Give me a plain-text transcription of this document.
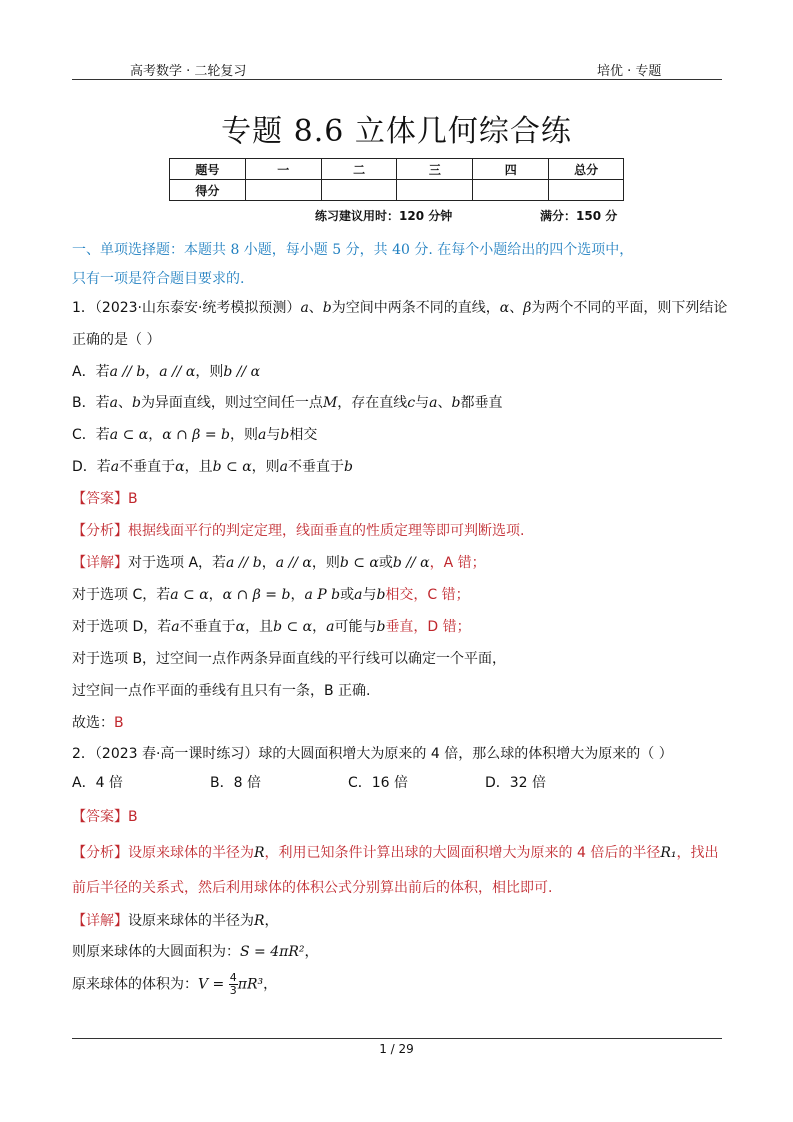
高考数学 · 二轮复习	培优 · 专题
专题 8.6 立体几何综合练
题号	一	二	三	四	总分
得分					
练习建议用时：120 分钟	满分：150 分
一、单项选择题：本题共 8 小题，每小题 5 分，共 40 分. 在每个小题给出的四个选项中，
只有一项是符合题目要求的.
1．（2023·山东泰安·统考模拟预测）a、b为空间中两条不同的直线，α、β为两个不同的平面，则下列结论
正确的是（ ）
A．若a // b，a // α，则b // α
B．若a、b为异面直线，则过空间任一点M，存在直线c与a、b都垂直
C．若a ⊂ α，α ∩ β = b，则a与b相交
D．若a不垂直于α，且b ⊂ α，则a不垂直于b
【答案】B
【分析】根据线面平行的判定定理，线面垂直的性质定理等即可判断选项.
【详解】对于选项 A，若a // b，a // α，则b ⊂ α或b // α，A 错；
对于选项 C，若a ⊂ α，α ∩ β = b，a P b或a与b相交，C 错；
对于选项 D，若a不垂直于α，且b ⊂ α，a可能与b垂直，D 错；
对于选项 B，过空间一点作两条异面直线的平行线可以确定一个平面，
过空间一点作平面的垂线有且只有一条，B 正确.
故选：B
2．（2023 春·高一课时练习）球的大圆面积增大为原来的 4 倍，那么球的体积增大为原来的（ ）
A．4 倍	B．8 倍	C．16 倍	D．32 倍
【答案】B
【分析】设原来球体的半径为R，利用已知条件计算出球的大圆面积增大为原来的 4 倍后的半径R₁，找出
前后半径的关系式，然后利用球体的体积公式分别算出前后的体积，相比即可.
【详解】设原来球体的半径为R，
则原来球体的大圆面积为：S = 4πR²，
原来球体的体积为：$V = \frac{4}{3} \pi R^3$，
1 / 29
